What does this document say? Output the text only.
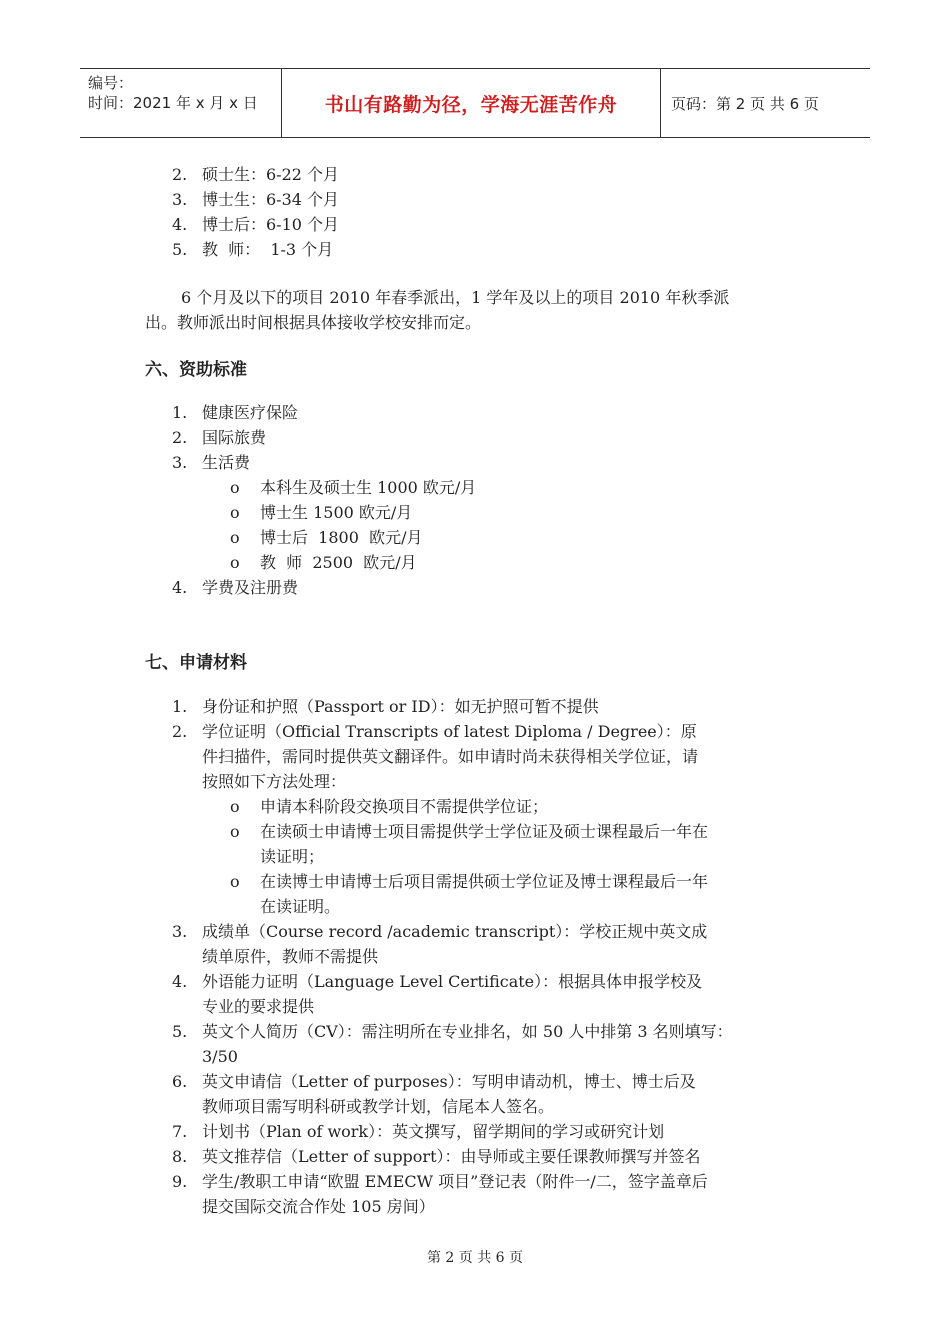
编号：
时间：2021 年 x 月 x 日	书山有路勤为径，学海无涯苦作舟	页码：第 2 页 共 6 页
2. 硕士生：6-22 个月
3. 博士生：6-34 个月
4. 博士后：6-10 个月
5. 教  师：  1-3 个月
6 个月及以下的项目 2010 年春季派出，1 学年及以上的项目 2010 年秋季派
出。教师派出时间根据具体接收学校安排而定。
六、资助标准
1. 健康医疗保险
2. 国际旅费
3. 生活费
o 本科生及硕士生 1000 欧元/月
o 博士生 1500 欧元/月
o 博士后  1800  欧元/月
o 教  师  2500  欧元/月
4. 学费及注册费
七、申请材料
1. 身份证和护照（Passport or ID）：如无护照可暂不提供
2. 学位证明（Official Transcripts of latest Diploma / Degree）：原
件扫描件，需同时提供英文翻译件。如申请时尚未获得相关学位证，请
按照如下方法处理：
o 申请本科阶段交换项目不需提供学位证；
o 在读硕士申请博士项目需提供学士学位证及硕士课程最后一年在
读证明；
o 在读博士申请博士后项目需提供硕士学位证及博士课程最后一年
在读证明。
3. 成绩单（Course record /academic transcript）：学校正规中英文成
绩单原件，教师不需提供
4. 外语能力证明（Language Level Certificate）：根据具体申报学校及
专业的要求提供
5. 英文个人简历（CV）：需注明所在专业排名，如 50 人中排第 3 名则填写：
3/50
6. 英文申请信（Letter of purposes）：写明申请动机，博士、博士后及
教师项目需写明科研或教学计划，信尾本人签名。
7. 计划书（Plan of work）：英文撰写，留学期间的学习或研究计划
8. 英文推荐信（Letter of support）：由导师或主要任课教师撰写并签名
9. 学生/教职工申请“欧盟 EMECW 项目”登记表（附件一/二，签字盖章后
提交国际交流合作处 105 房间）
第 2 页 共 6 页
